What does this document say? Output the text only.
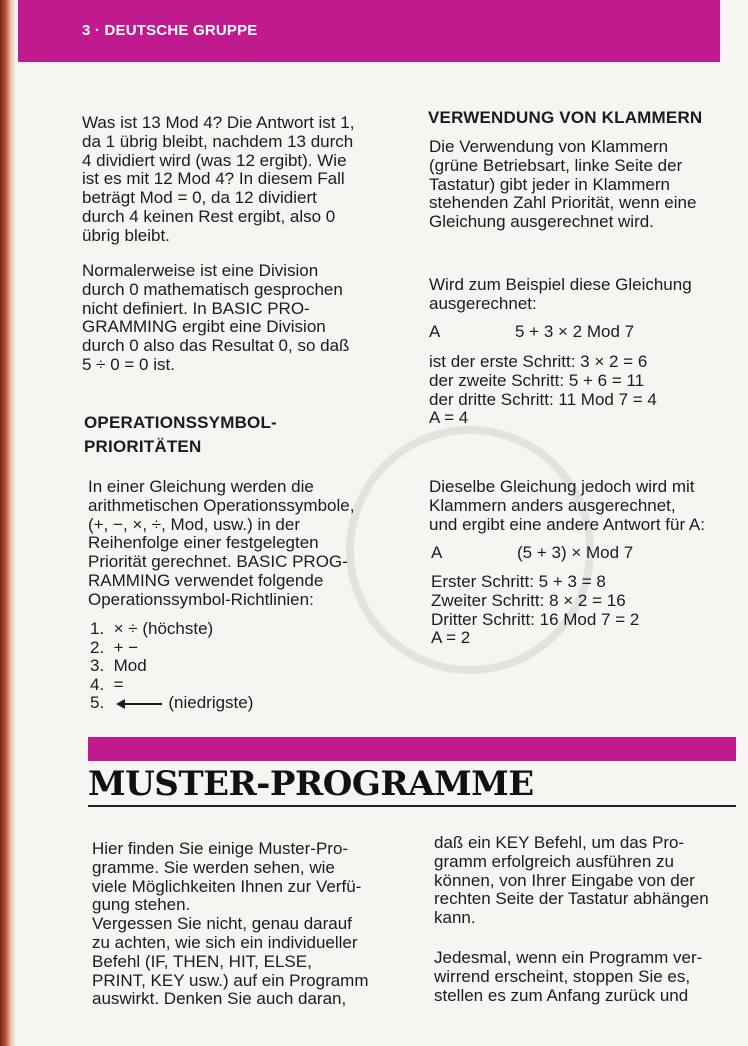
3 · DEUTSCHE GRUPPE
Was ist 13 Mod 4? Die Antwort ist 1,
da 1 übrig bleibt, nachdem 13 durch
4 dividiert wird (was 12 ergibt). Wie
ist es mit 12 Mod 4? In diesem Fall
beträgt Mod = 0, da 12 dividiert
durch 4 keinen Rest ergibt, also 0
übrig bleibt.
Normalerweise ist eine Division
durch 0 mathematisch gesprochen
nicht definiert. In BASIC PRO-
GRAMMING ergibt eine Division
durch 0 also das Resultat 0, so daß
5 ÷ 0 = 0 ist.
OPERATIONSSYMBOL-
PRIORITÄTEN
In einer Gleichung werden die
arithmetischen Operationssymbole,
(+, −, ×, ÷, Mod, usw.) in der
Reihenfolge einer festgelegten
Priorität gerechnet. BASIC PROG-
RAMMING verwendet folgende
Operationssymbol-Richtlinien:
1.  × ÷ (höchste)
2.  + −
3.  Mod
4.  =
5.	(niedrigste)
VERWENDUNG VON KLAMMERN
Die Verwendung von Klammern
(grüne Betriebsart, linke Seite der
Tastatur) gibt jeder in Klammern
stehenden Zahl Priorität, wenn eine
Gleichung ausgerechnet wird.
Wird zum Beispiel diese Gleichung
ausgerechnet:
A	5 + 3 × 2 Mod 7
ist der erste Schritt: 3 × 2 = 6
der zweite Schritt: 5 + 6 = 11
der dritte Schritt: 11 Mod 7 = 4
A = 4
Dieselbe Gleichung jedoch wird mit
Klammern anders ausgerechnet,
und ergibt eine andere Antwort für A:
A	(5 + 3) × Mod 7
Erster Schritt: 5 + 3 = 8
Zweiter Schritt: 8 × 2 = 16
Dritter Schritt: 16 Mod 7 = 2
A = 2
MUSTER-PROGRAMME
Hier finden Sie einige Muster-Pro-
gramme. Sie werden sehen, wie
viele Möglichkeiten Ihnen zur Verfü-
gung stehen.
Vergessen Sie nicht, genau darauf
zu achten, wie sich ein individueller
Befehl (IF, THEN, HIT, ELSE,
PRINT, KEY usw.) auf ein Programm
auswirkt. Denken Sie auch daran,
daß ein KEY Befehl, um das Pro-
gramm erfolgreich ausführen zu
können, von Ihrer Eingabe von der
rechten Seite der Tastatur abhängen
kann.
Jedesmal, wenn ein Programm ver-
wirrend erscheint, stoppen Sie es,
stellen es zum Anfang zurück und
